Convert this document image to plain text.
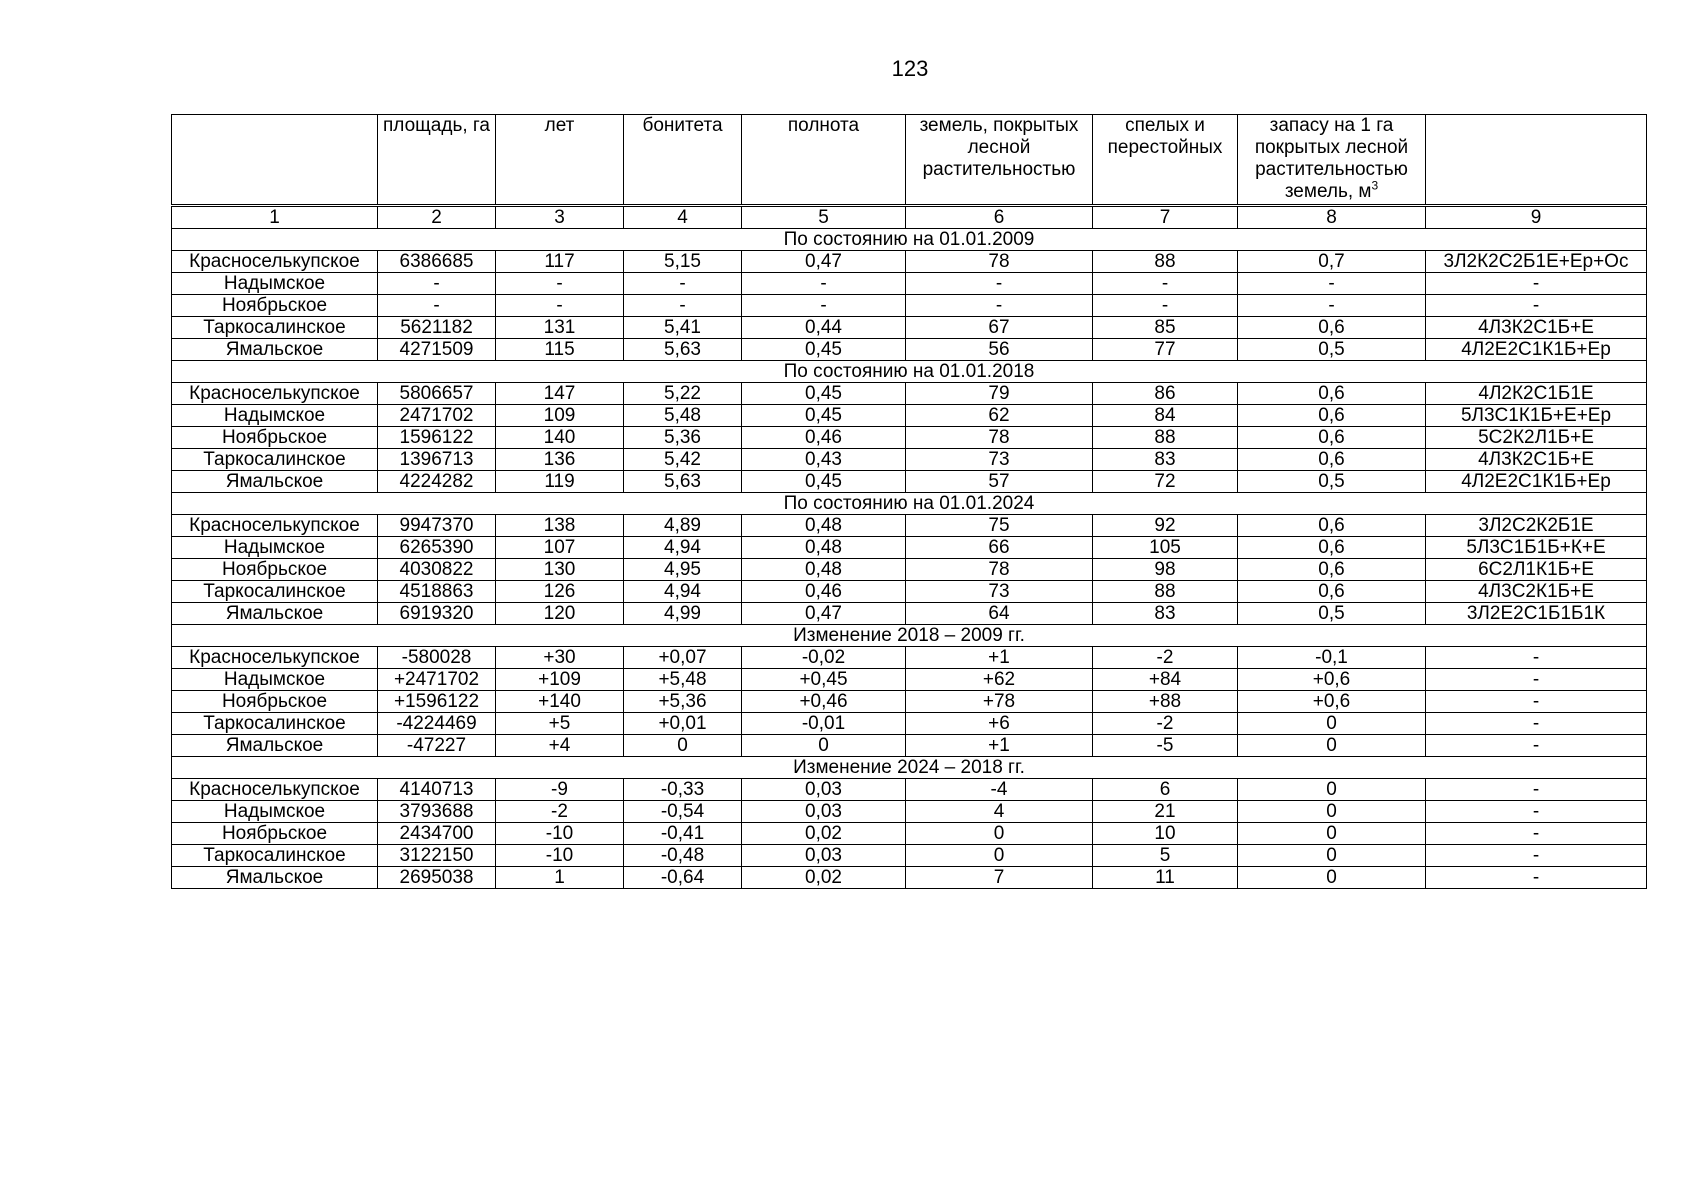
123
	площадь, га	лет	бонитета	полнота	земель, покрытых лесной растительностью	спелых и перестойных	запасу на 1 га покрытых лесной растительностью земель, $м^3$	
1	2	3	4	5	6	7	8	9
По состоянию на 01.01.2009								
Красноселькупское	6386685	117	5,15	0,47	78	88	0,7	3Л2К2С2Б1Е+Ер+Ос
Надымское	-	-	-	-	-	-	-	-
Ноябрьское	-	-	-	-	-	-	-	-
Таркосалинское	5621182	131	5,41	0,44	67	85	0,6	4Л3К2С1Б+Е
Ямальское	4271509	115	5,63	0,45	56	77	0,5	4Л2Е2С1К1Б+Ер
По состоянию на 01.01.2018								
Красноселькупское	5806657	147	5,22	0,45	79	86	0,6	4Л2К2С1Б1Е
Надымское	2471702	109	5,48	0,45	62	84	0,6	5Л3С1К1Б+Е+Ер
Ноябрьское	1596122	140	5,36	0,46	78	88	0,6	5С2К2Л1Б+Е
Таркосалинское	1396713	136	5,42	0,43	73	83	0,6	4Л3К2С1Б+Е
Ямальское	4224282	119	5,63	0,45	57	72	0,5	4Л2Е2С1К1Б+Ер
По состоянию на 01.01.2024								
Красноселькупское	9947370	138	4,89	0,48	75	92	0,6	3Л2С2К2Б1Е
Надымское	6265390	107	4,94	0,48	66	105	0,6	5Л3С1Б1Б+К+Е
Ноябрьское	4030822	130	4,95	0,48	78	98	0,6	6С2Л1К1Б+Е
Таркосалинское	4518863	126	4,94	0,46	73	88	0,6	4Л3С2К1Б+Е
Ямальское	6919320	120	4,99	0,47	64	83	0,5	3Л2Е2С1Б1Б1К
Изменение 2018 – 2009 гг.								
Красноселькупское	-580028	+30	+0,07	-0,02	+1	-2	-0,1	-
Надымское	+2471702	+109	+5,48	+0,45	+62	+84	+0,6	-
Ноябрьское	+1596122	+140	+5,36	+0,46	+78	+88	+0,6	-
Таркосалинское	-4224469	+5	+0,01	-0,01	+6	-2	0	-
Ямальское	-47227	+4	0	0	+1	-5	0	-
Изменение 2024 – 2018 гг.								
Красноселькупское	4140713	-9	-0,33	0,03	-4	6	0	-
Надымское	3793688	-2	-0,54	0,03	4	21	0	-
Ноябрьское	2434700	-10	-0,41	0,02	0	10	0	-
Таркосалинское	3122150	-10	-0,48	0,03	0	5	0	-
Ямальское	2695038	1	-0,64	0,02	7	11	0	-
